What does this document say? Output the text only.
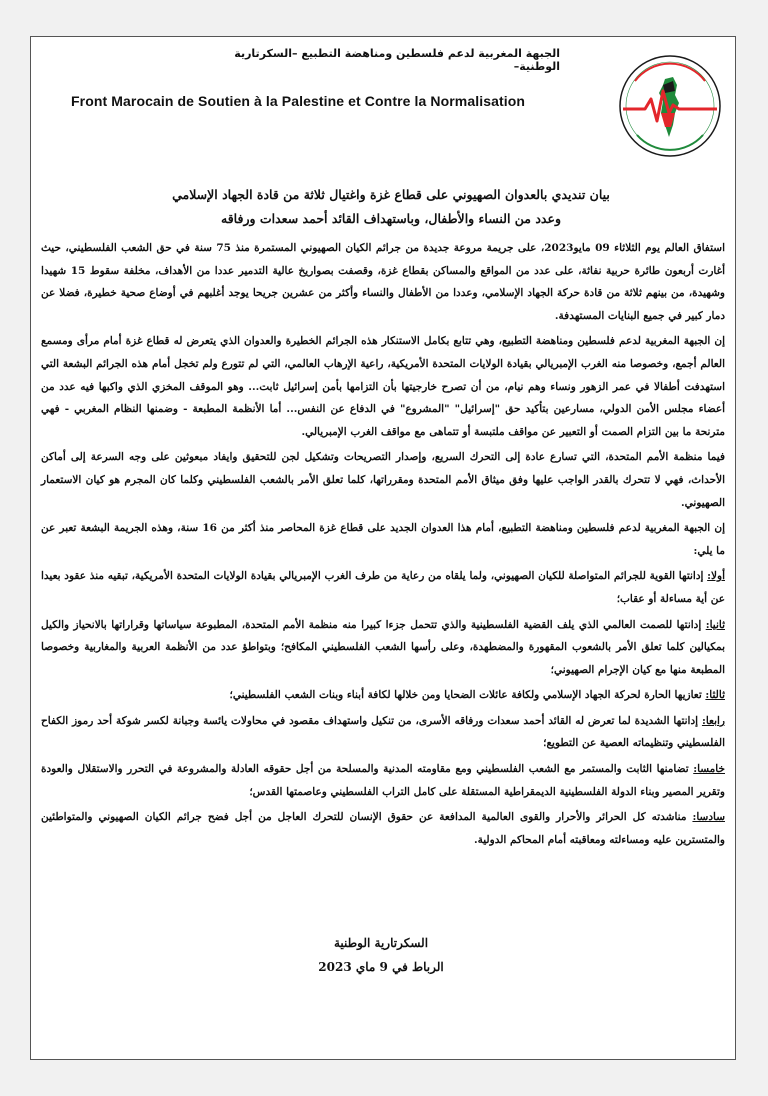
الجبهة المغربية لدعم فلسطين ومناهضة التطبيع –السكرتارية الوطنية–
Front Marocain de Soutien à la Palestine et Contre la Normalisation
بيان تنديدي بالعدوان الصهيوني على قطاع غزة واغتيال ثلاثة من قادة الجهاد الإسلامي
وعدد من النساء والأطفال، وباستهداف القائد أحمد سعدات ورفاقه

استفاق العالم يوم الثلاثاء 09 مايو2023، على جريمة مروعة جديدة من جرائم الكيان الصهيوني المستمرة منذ 75 سنة في حق الشعب الفلسطيني، حيث أغارت أربعون طائرة حربية نفاثة، على عدد من المواقع والمساكن بقطاع غزة، وقصفت بصواريخ عالية التدمير عددا من الأهداف، مخلفة سقوط 15 شهيدا وشهيدة، من بينهم ثلاثة من قادة حركة الجهاد الإسلامي، وعددا من الأطفال والنساء وأكثر من عشرين جريحا يوجد أغلبهم في أوضاع صحية خطيرة، فضلا عن دمار كبير في جميع البنايات المستهدفة.

إن الجبهة المغربية لدعم فلسطين ومناهضة التطبيع، وهي تتابع بكامل الاستنكار هذه الجرائم الخطيرة والعدوان الذي يتعرض له قطاع غزة أمام مرأى ومسمع العالم أجمع، وخصوصا منه الغرب الإمبريالي بقيادة الولايات المتحدة الأمريكية، راعية الإرهاب العالمي، التي لم تتورع ولم تخجل أمام هذه الجرائم البشعة التي استهدفت أطفالا في عمر الزهور ونساء وهم نيام، من أن تصرح خارجيتها بأن التزامها بأمن إسرائيل ثابت... وهو الموقف المخزي الذي واكبها فيه عدد من أعضاء مجلس الأمن الدولي، مسارعين بتأكيد حق "إسرائيل" "المشروع" في الدفاع عن النفس... أما الأنظمة المطبعة - وضمنها النظام المغربي - فهي مترنحة ما بين التزام الصمت أو التعبير عن مواقف ملتبسة أو تتماهى مع مواقف الغرب الإمبريالي.

فيما منظمة الأمم المتحدة، التي تسارع عادة إلى التحرك السريع، وإصدار التصريحات وتشكيل لجن للتحقيق وايفاد مبعوثين على وجه السرعة إلى أماكن الأحداث، فهي لا تتحرك بالقدر الواجب عليها وفق ميثاق الأمم المتحدة ومقرراتها، كلما تعلق الأمر بالشعب الفلسطيني وكلما كان المجرم هو كيان الاستعمار الصهيوني.

إن الجبهة المغربية لدعم فلسطين ومناهضة التطبيع، أمام هذا العدوان الجديد على قطاع غزة المحاصر منذ أكثر من 16 سنة، وهذه الجريمة البشعة تعبر عن ما يلي:

أولا: إدانتها القوية للجرائم المتواصلة للكيان الصهيوني، ولما يلقاه من رعاية من طرف الغرب الإمبريالي بقيادة الولايات المتحدة الأمريكية، تبقيه منذ عقود بعيدا عن أية مساءلة أو عقاب؛

ثانيا: إدانتها للصمت العالمي الذي يلف القضية الفلسطينية والذي تتحمل جزءا كبيرا منه منظمة الأمم المتحدة، المطبوعة سياساتها وقراراتها بالانحياز والكيل بمكيالين كلما تعلق الأمر بالشعوب المقهورة والمضطهدة، وعلى رأسها الشعب الفلسطيني المكافح؛ وبتواطؤ عدد من الأنظمة العربية والمغاربية وخصوصا المطبعة منها مع كيان الإجرام الصهيوني؛

ثالثا: تعازيها الحارة لحركة الجهاد الإسلامي ولكافة عائلات الضحايا ومن خلالها لكافة أبناء وبنات الشعب الفلسطيني؛

رابعا: إدانتها الشديدة لما تعرض له القائد أحمد سعدات ورفاقه الأسرى، من تنكيل واستهداف مقصود في محاولات يائسة وجبانة لكسر شوكة أحد رموز الكفاح الفلسطيني وتنظيماته العصية عن التطويع؛

خامسا: تضامنها الثابت والمستمر مع الشعب الفلسطيني ومع مقاومته المدنية والمسلحة من أجل حقوقه العادلة والمشروعة في التحرر والاستقلال والعودة وتقرير المصير وبناء الدولة الفلسطينية الديمقراطية المستقلة على كامل التراب الفلسطيني وعاصمتها القدس؛

سادسا: مناشدته كل الحرائر والأحرار والقوى العالمية المدافعة عن حقوق الإنسان للتحرك العاجل من أجل فضح جرائم الكيان الصهيوني والمتواطئين والمتسترين عليه ومساءلته ومعاقبته أمام المحاكم الدولية.

السكرتارية الوطنية
الرباط في 9 ماي 2023
